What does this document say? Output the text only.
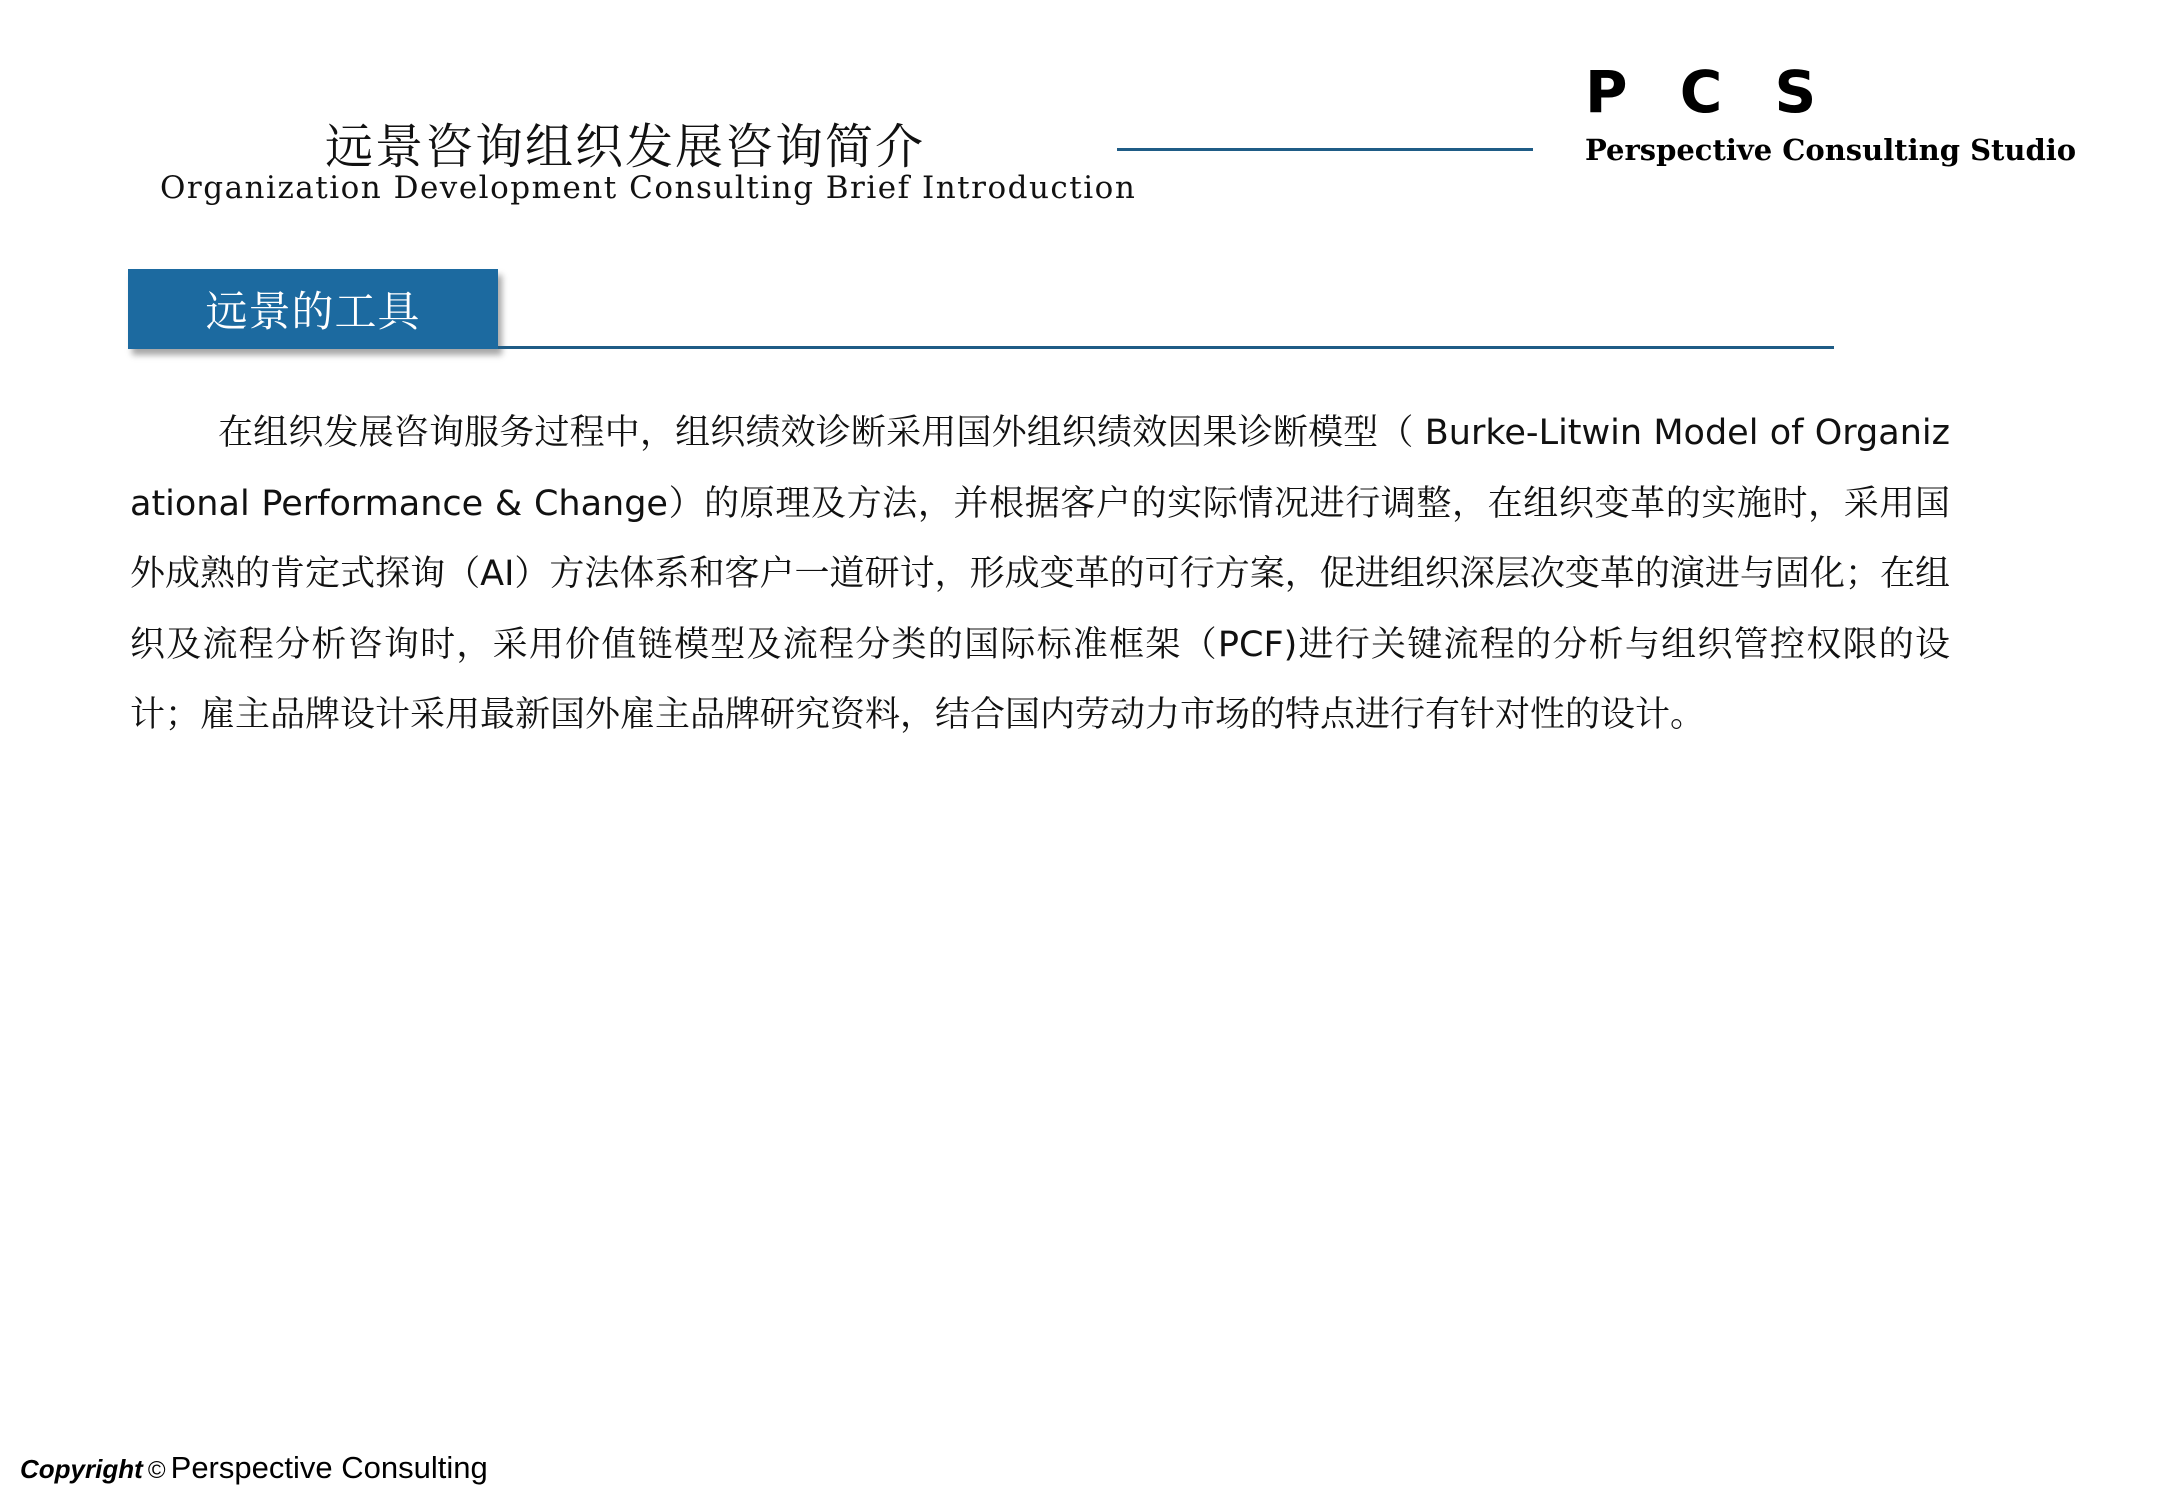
远景咨询组织发展咨询简介
Organization Development Consulting Brief Introduction
P C S
Perspective Consulting Studio
远景的工具

在组织发展咨询服务过程中，组织绩效诊断采用国外组织绩效因果诊断模型（ Burke-Litwin Model of Organizational Performance & Change）的原理及方法，并根据客户的实际情况进行调整，在组织变革的实施时，采用国外成熟的肯定式探询（AI）方法体系和客户一道研讨，形成变革的可行方案，促进组织深层次变革的演进与固化；在组织及流程分析咨询时，采用价值链模型及流程分类的国际标准框架（PCF)进行关键流程的分析与组织管控权限的设计；雇主品牌设计采用最新国外雇主品牌研究资料，结合国内劳动力市场的特点进行有针对性的设计。

Copyright © Perspective Consulting
